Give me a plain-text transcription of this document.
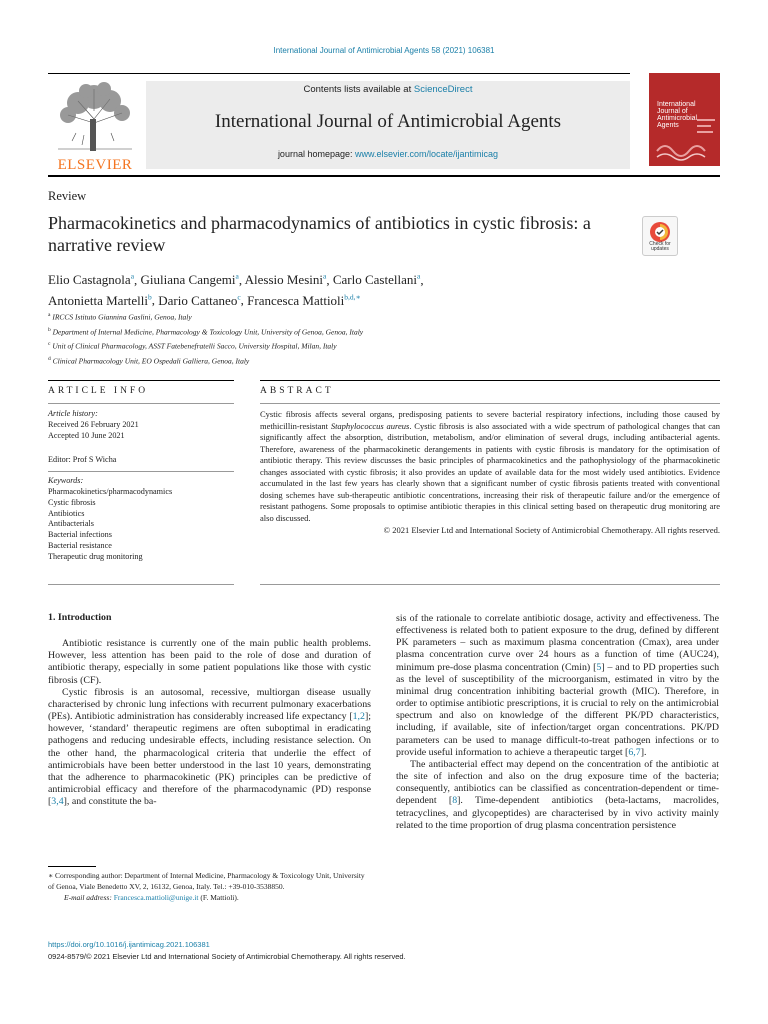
International Journal of Antimicrobial Agents 58 (2021) 106381
ELSEVIER
Contents lists available at ScienceDirect
International Journal of Antimicrobial Agents
journal homepage: www.elsevier.com/locate/ijantimicag
International Journal of Antimicrobial Agents
Review
Pharmacokinetics and pharmacodynamics of antibiotics in cystic fibrosis: a narrative review	Check for updates
Elio Castagnola$^a$, Giuliana Cangemi$^a$, Alessio Mesini$^a$, Carlo Castellani$^a$,
Antonietta Martelli$^b$, Dario Cattaneo$^c$, Francesca Mattioli$^{b,d,∗}$
$^a$ IRCCS Istituto Giannina Gaslini, Genoa, Italy
$^b$ Department of Internal Medicine, Pharmacology & Toxicology Unit, University of Genoa, Genoa, Italy
$^c$ Unit of Clinical Pharmacology, ASST Fatebenefratelli Sacco, University Hospital, Milan, Italy
$^d$ Clinical Pharmacology Unit, EO Ospedali Galliera, Genoa, Italy
ARTICLE INFO	ABSTRACT
Article history:
Received 26 February 2021
Accepted 10 June 2021
Editor: Prof S Wicha
Keywords:
Pharmacokinetics/pharmacodynamics
Cystic fibrosis
Antibiotics
Antibacterials
Bacterial infections
Bacterial resistance
Therapeutic drug monitoring
Cystic fibrosis affects several organs, predisposing patients to severe bacterial respiratory infections, including those caused by methicillin-resistant Staphylococcus aureus. Cystic fibrosis is also associated with a wide spectrum of pathological changes that can significantly affect the absorption, distribution, metabolism, and/or elimination of several drugs, including antibacterial agents. Therefore, awareness of the pharmacokinetic derangements in patients with cystic fibrosis is mandatory for the optimisation of antibiotic therapy. This review discusses the basic principles of pharmacokinetics and the pathophysiology of the pharmacokinetic changes associated with cystic fibrosis; it also provides an update of available data for the most widely used antibiotics. Evidence accumulated in the last few years has clearly shown that a significant number of cystic fibrosis patients treated with conventional dosing schemes have sub-therapeutic antibiotic concentrations, increasing their risk of therapeutic failure and/or the emergence of resistant pathogens. Some proposals to optimise antibiotic therapies in this clinical setting based on therapeutic drug monitoring are also discussed.
© 2021 Elsevier Ltd and International Society of Antimicrobial Chemotherapy. All rights reserved.

1. Introduction

Antibiotic resistance is currently one of the main public health problems. However, less attention has been paid to the role of dose and duration of antibiotic therapy, especially in some patient populations like those with cystic fibrosis (CF).

Cystic fibrosis is an autosomal, recessive, multiorgan disease usually characterised by chronic lung infections with recurrent pulmonary exacerbations (PEs). Antibiotic administration has considerably increased life expectancy [1,2]; however, ‘standard’ therapeutic regimens are often suboptimal in eradicating pathogens and reducing undesirable effects, including resistance selection. On the other hand, the pharmacological criteria that underlie the effect of antimicrobials have been better understood in the last 10 years, demonstrating that the adherence to pharmacokinetic (PK) principles can be predictive of antimicrobial efficacy and therefore of the pharmacodynamic (PD) response [3,4], and constitute the ba-

sis of the rationale to correlate antibiotic dosage, activity and effectiveness. The effectiveness is related both to patient exposure to the drug, defined by different PK parameters – such as maximum plasma concentration (Cmax), area under plasma concentration curve over 24 hours as a function of time (AUC24), minimum pre-dose plasma concentration (Cmin) [5] – and to PD properties such as the level of susceptibility of the microorganism, estimated in vitro by the minimal drug concentration inhibiting bacterial growth (MIC). Therefore, in order to optimise antibiotic prescriptions, it is crucial to rely on the antimicrobial spectrum and also on knowledge of the different PK/PD characteristics, including, if available, site of infection/target organ concentrations. PK/PD parameters can be used to manage difficult-to-treat pathogen infections or to provide useful information to achieve a therapeutic target [6,7].

The antibacterial effect may depend on the concentration of the antibiotic at the site of infection and also on the drug exposure time of the bacteria; consequently, antibiotics can be classified as concentration-dependent or time-dependent [8]. Time-dependent antibiotics (beta-lactams, macrolides, tetracyclines, and glycopeptides) are characterised by in vivo activity mainly related to the time proportion of drug plasma concentration persistence

∗ Corresponding author: Department of Internal Medicine, Pharmacology & Toxicology Unit, University of Genoa, Viale Benedetto XV, 2, 16132, Genoa, Italy. Tel.: +39-010-3538850.
E-mail address: Francesca.mattioli@unige.it (F. Mattioli).
https://doi.org/10.1016/j.ijantimicag.2021.106381
0924-8579/© 2021 Elsevier Ltd and International Society of Antimicrobial Chemotherapy. All rights reserved.
